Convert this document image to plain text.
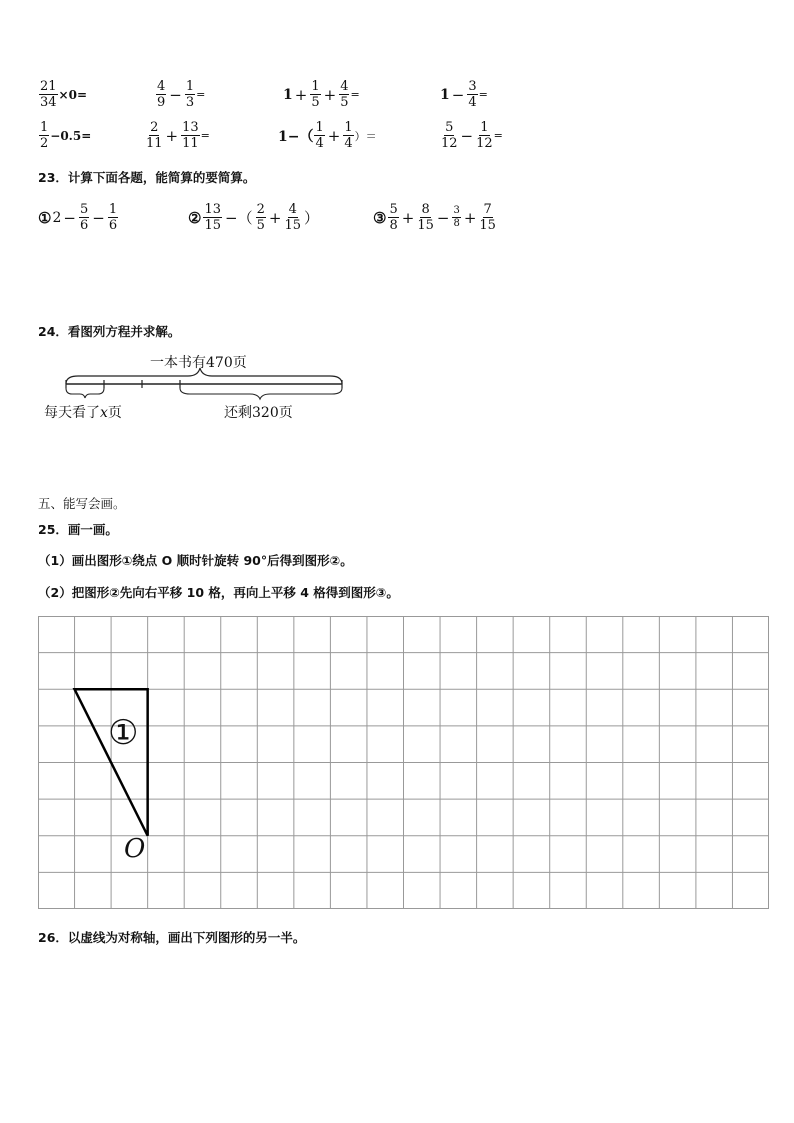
$\frac{21}{34} \times 0=$	$\frac{4}{9} - \frac{1}{3}$ =	$1 + \frac{1}{5} + \frac{4}{5}$ =	$1 - \frac{3}{4}$ =
$\frac{1}{2} -0.5=$	$\frac{2}{11} + \frac{13}{11}$ =	$1-( \frac{1}{4} + \frac{1}{4}$ ）＝	$\frac{5}{12} - \frac{1}{12}$ =
23．计算下面各题，能简算的要简算。
① $2 - \frac{5}{6} - \frac{1}{6}$	② $\frac{13}{15}$ −（ $\frac{2}{5} + \frac{4}{15}$ ）	③ $\frac{5}{8} + \frac{8}{15} - \frac{3}{8} + \frac{7}{15}$
24．看图列方程并求解。
一本书有470页
每天看了x页	还剩320页
五、能写会画。
25．画一画。
（1）画出图形①绕点 O 顺时针旋转 90°后得到图形②。
（2）把图形②先向右平移 10 格，再向上平移 4 格得到图形③。
①
O
26．以虚线为对称轴，画出下列图形的另一半。
